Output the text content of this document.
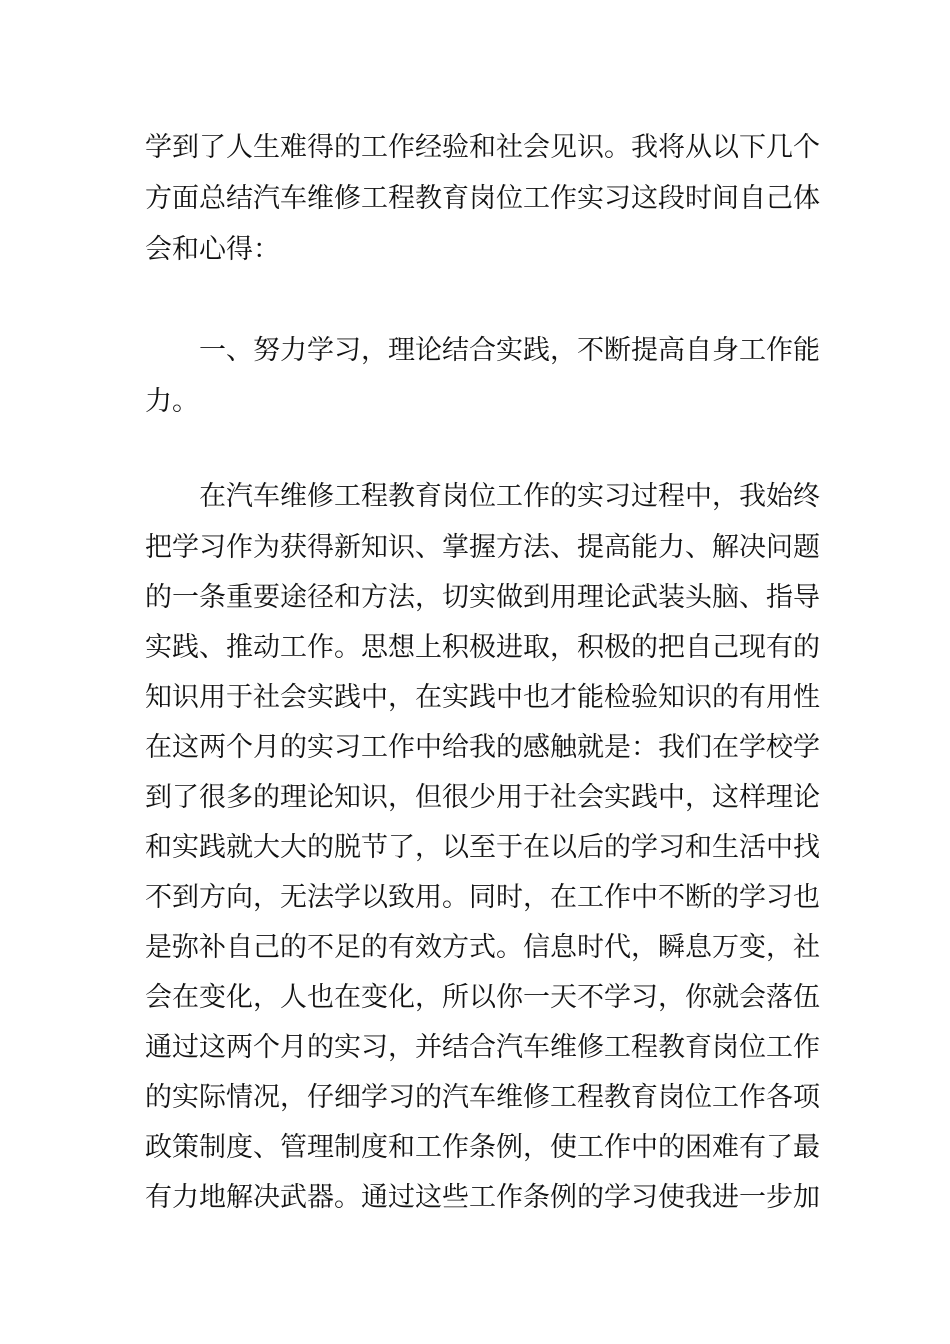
学到了人生难得的工作经验和社会见识。我将从以下几个
方面总结汽车维修工程教育岗位工作实习这段时间自己体
会和心得：
一、努力学习，理论结合实践，不断提高自身工作能
力。
在汽车维修工程教育岗位工作的实习过程中，我始终
把学习作为获得新知识、掌握方法、提高能力、解决问题
的一条重要途径和方法，切实做到用理论武装头脑、指导
实践、推动工作。思想上积极进取，积极的把自己现有的
知识用于社会实践中，在实践中也才能检验知识的有用性
在这两个月的实习工作中给我的感触就是：我们在学校学
到了很多的理论知识，但很少用于社会实践中，这样理论
和实践就大大的脱节了，以至于在以后的学习和生活中找
不到方向，无法学以致用。同时，在工作中不断的学习也
是弥补自己的不足的有效方式。信息时代，瞬息万变，社
会在变化，人也在变化，所以你一天不学习，你就会落伍
通过这两个月的实习，并结合汽车维修工程教育岗位工作
的实际情况，仔细学习的汽车维修工程教育岗位工作各项
政策制度、管理制度和工作条例，使工作中的困难有了最
有力地解决武器。通过这些工作条例的学习使我进一步加
